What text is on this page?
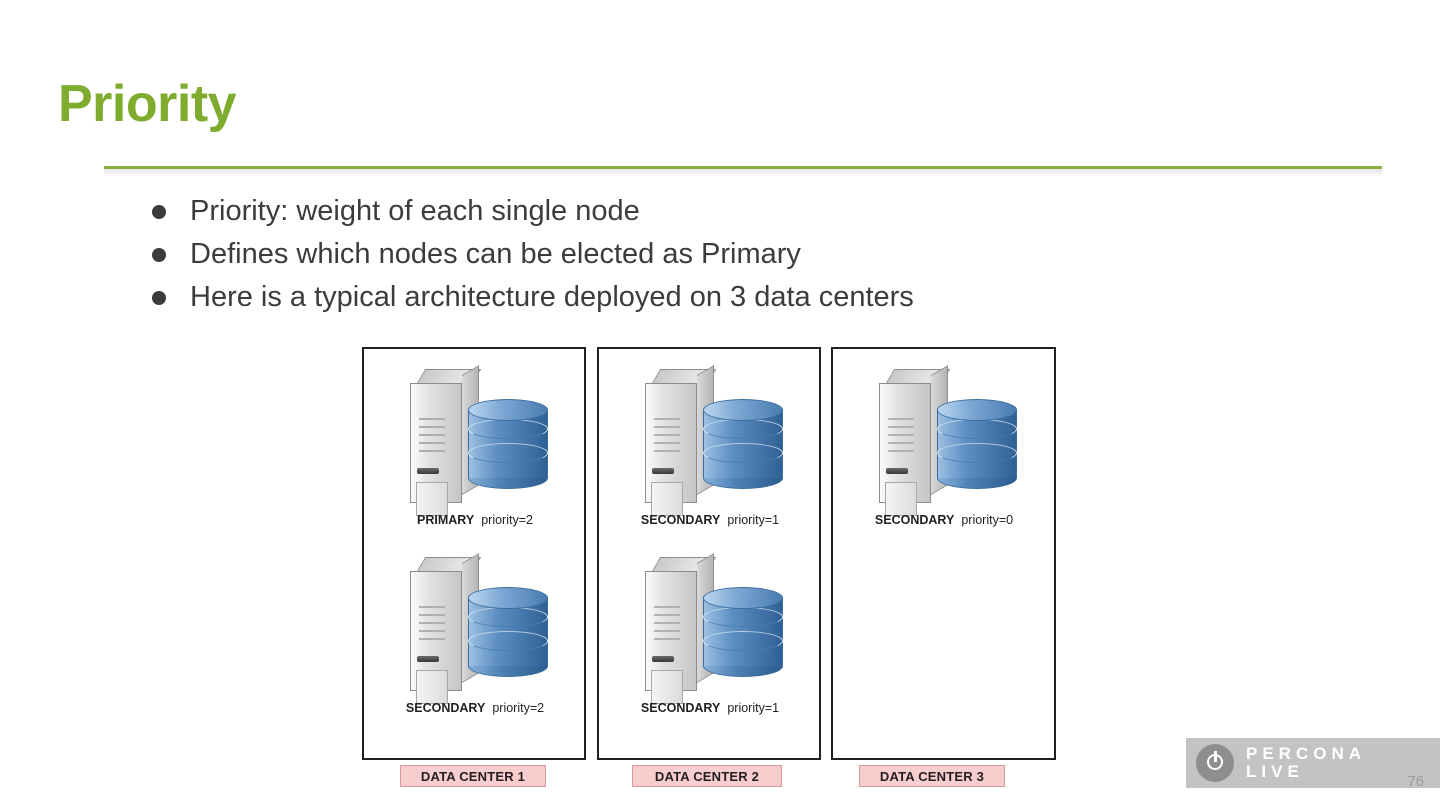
Priority
Priority: weight of each single node
Defines which nodes can be elected as Primary
Here is a typical architecture deployed on 3 data centers
PRIMARY priority=2
SECONDARY priority=2
SECONDARY priority=1
SECONDARY priority=1
SECONDARY priority=0
DATA CENTER 1	DATA CENTER 2	DATA CENTER 3
PERCONA
LIVE
76
